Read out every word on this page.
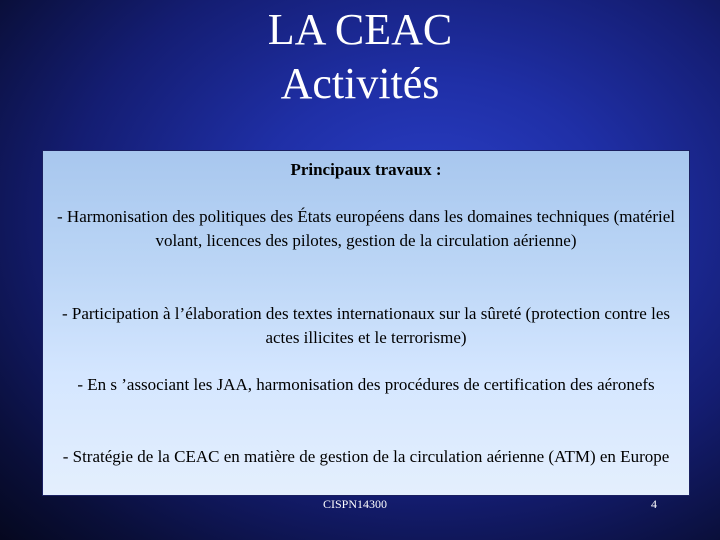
LA CEAC
Activités
Principaux travaux :
- Harmonisation des politiques des États européens dans les domaines techniques (matériel volant, licences des pilotes, gestion de la circulation aérienne)
- Participation à l’élaboration des textes internationaux sur la sûreté (protection contre les actes illicites et le terrorisme)
- En s ’associant les JAA, harmonisation des procédures de certification des aéronefs
- Stratégie de la CEAC en matière de gestion de la circulation aérienne (ATM) en Europe
CISPN14300	4
